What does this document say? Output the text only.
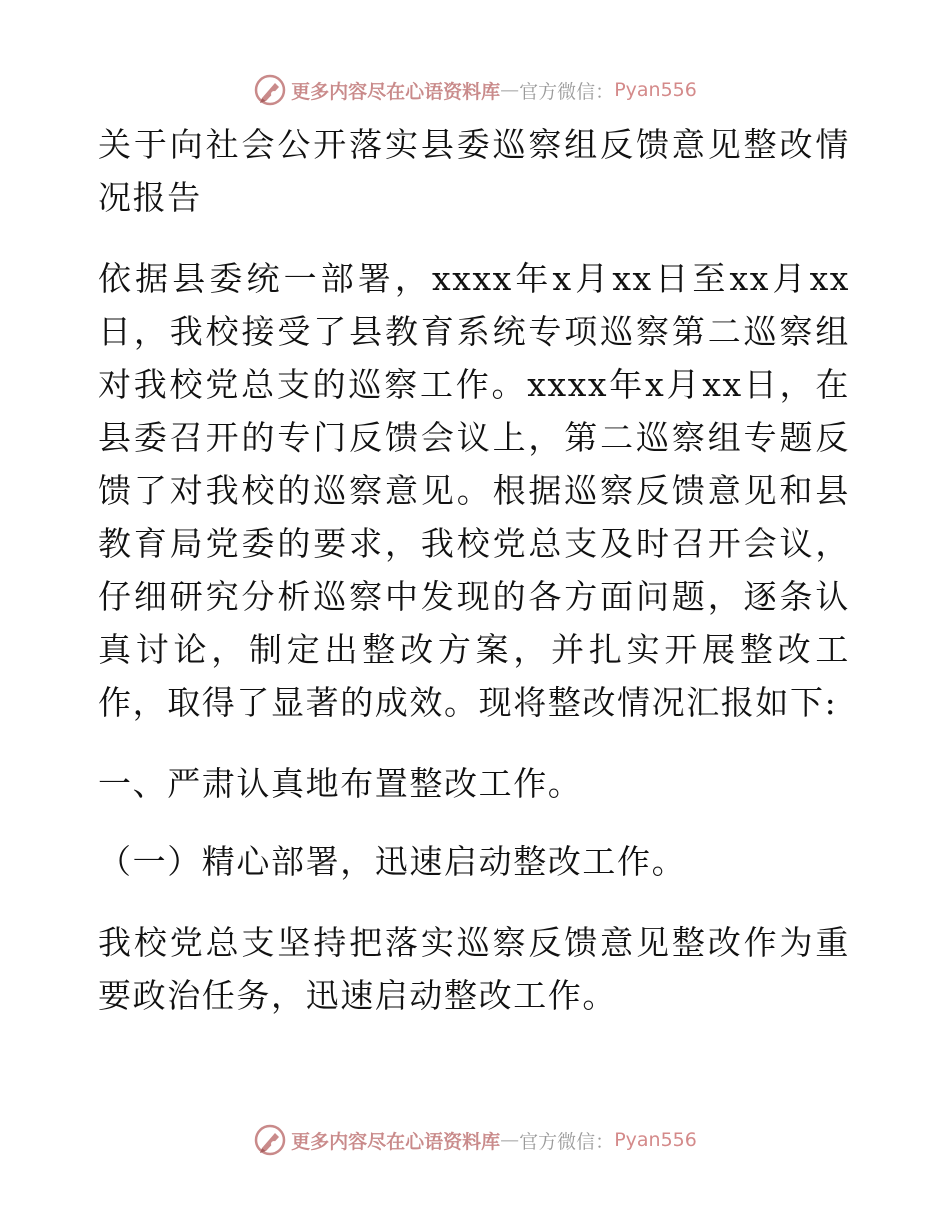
更多内容尽在心语资料库 — 官方微信： Pyan556

关于向社会公开落实县委巡察组反馈意见整改情况报告

依据县委统一部署，xxxx年x月xx日至xx月xx日，我校接受了县教育系统专项巡察第二巡察组对我校党总支的巡察工作。xxxx年x月xx日，在县委召开的专门反馈会议上，第二巡察组专题反馈了对我校的巡察意见。根据巡察反馈意见和县教育局党委的要求，我校党总支及时召开会议，仔细研究分析巡察中发现的各方面问题，逐条认真讨论，制定出整改方案，并扎实开展整改工作，取得了显著的成效。现将整改情况汇报如下:

一、严肃认真地布置整改工作。

（一）精心部署，迅速启动整改工作。

我校党总支坚持把落实巡察反馈意见整改作为重要政治任务，迅速启动整改工作。

更多内容尽在心语资料库 — 官方微信： Pyan556
